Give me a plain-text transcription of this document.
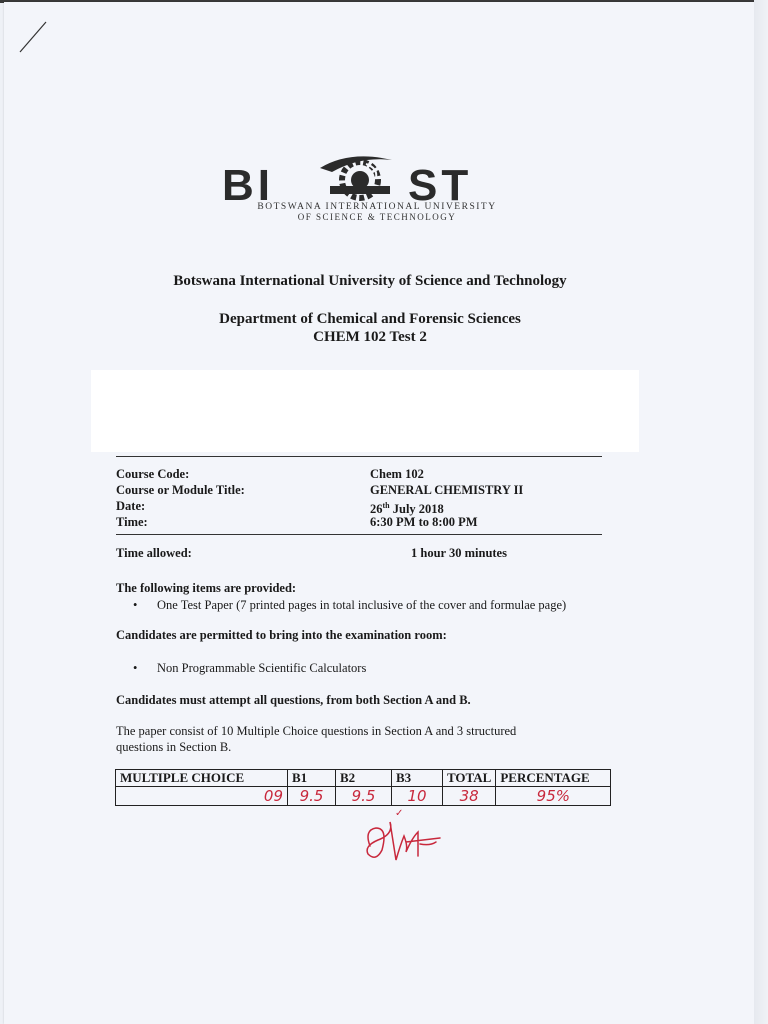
BI	ST
BOTSWANA INTERNATIONAL UNIVERSITY
OF SCIENCE & TECHNOLOGY
Botswana International University of Science and Technology
Department of Chemical and Forensic Sciences
CHEM 102 Test 2
Course Code:	Chem 102
Course or Module Title:	GENERAL CHEMISTRY II
Date:	26th July 2018
Time:	6:30 PM to 8:00 PM
Time allowed:	1 hour 30 minutes
The following items are provided:
• One Test Paper (7 printed pages in total inclusive of the cover and formulae page)
Candidates are permitted to bring into the examination room:
• Non Programmable Scientific Calculators
Candidates must attempt all questions, from both Section A and B.
The paper consist of 10 Multiple Choice questions in Section A and 3 structured
questions in Section B.
MULTIPLE CHOICE	B1	B2	B3	TOTAL	PERCENTAGE
09	9.5	9.5	10	38	95%
✓
